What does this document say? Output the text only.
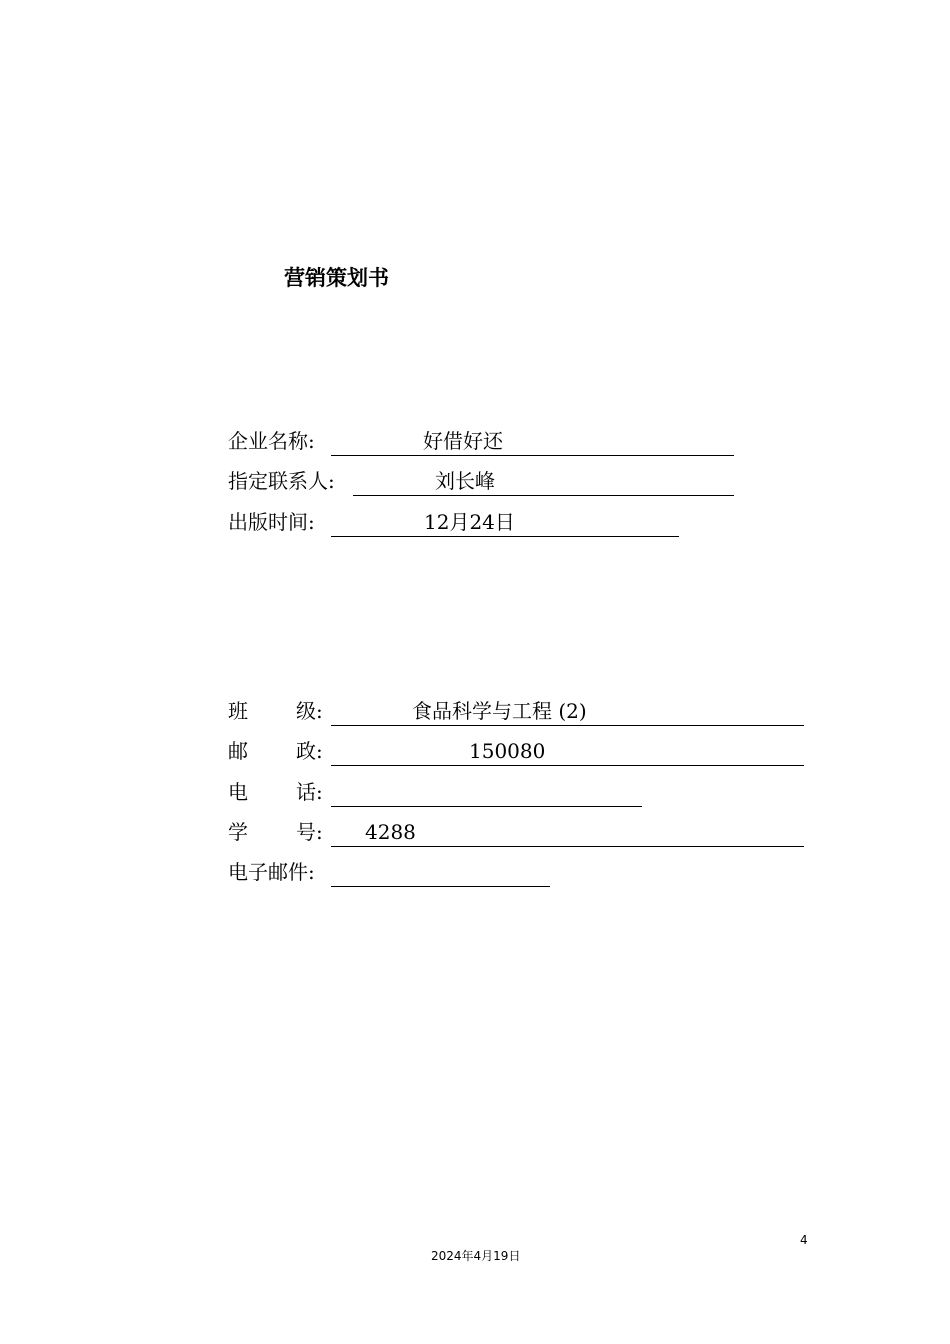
营销策划书
企业名称:	好借好还
指定联系人:	刘长峰
出版时间:	12月24日
班 级:	食品科学与工程 (2)
邮 政:	150080
电 话:
学 号: 4288
电子邮件:
4
2024年4月19日
